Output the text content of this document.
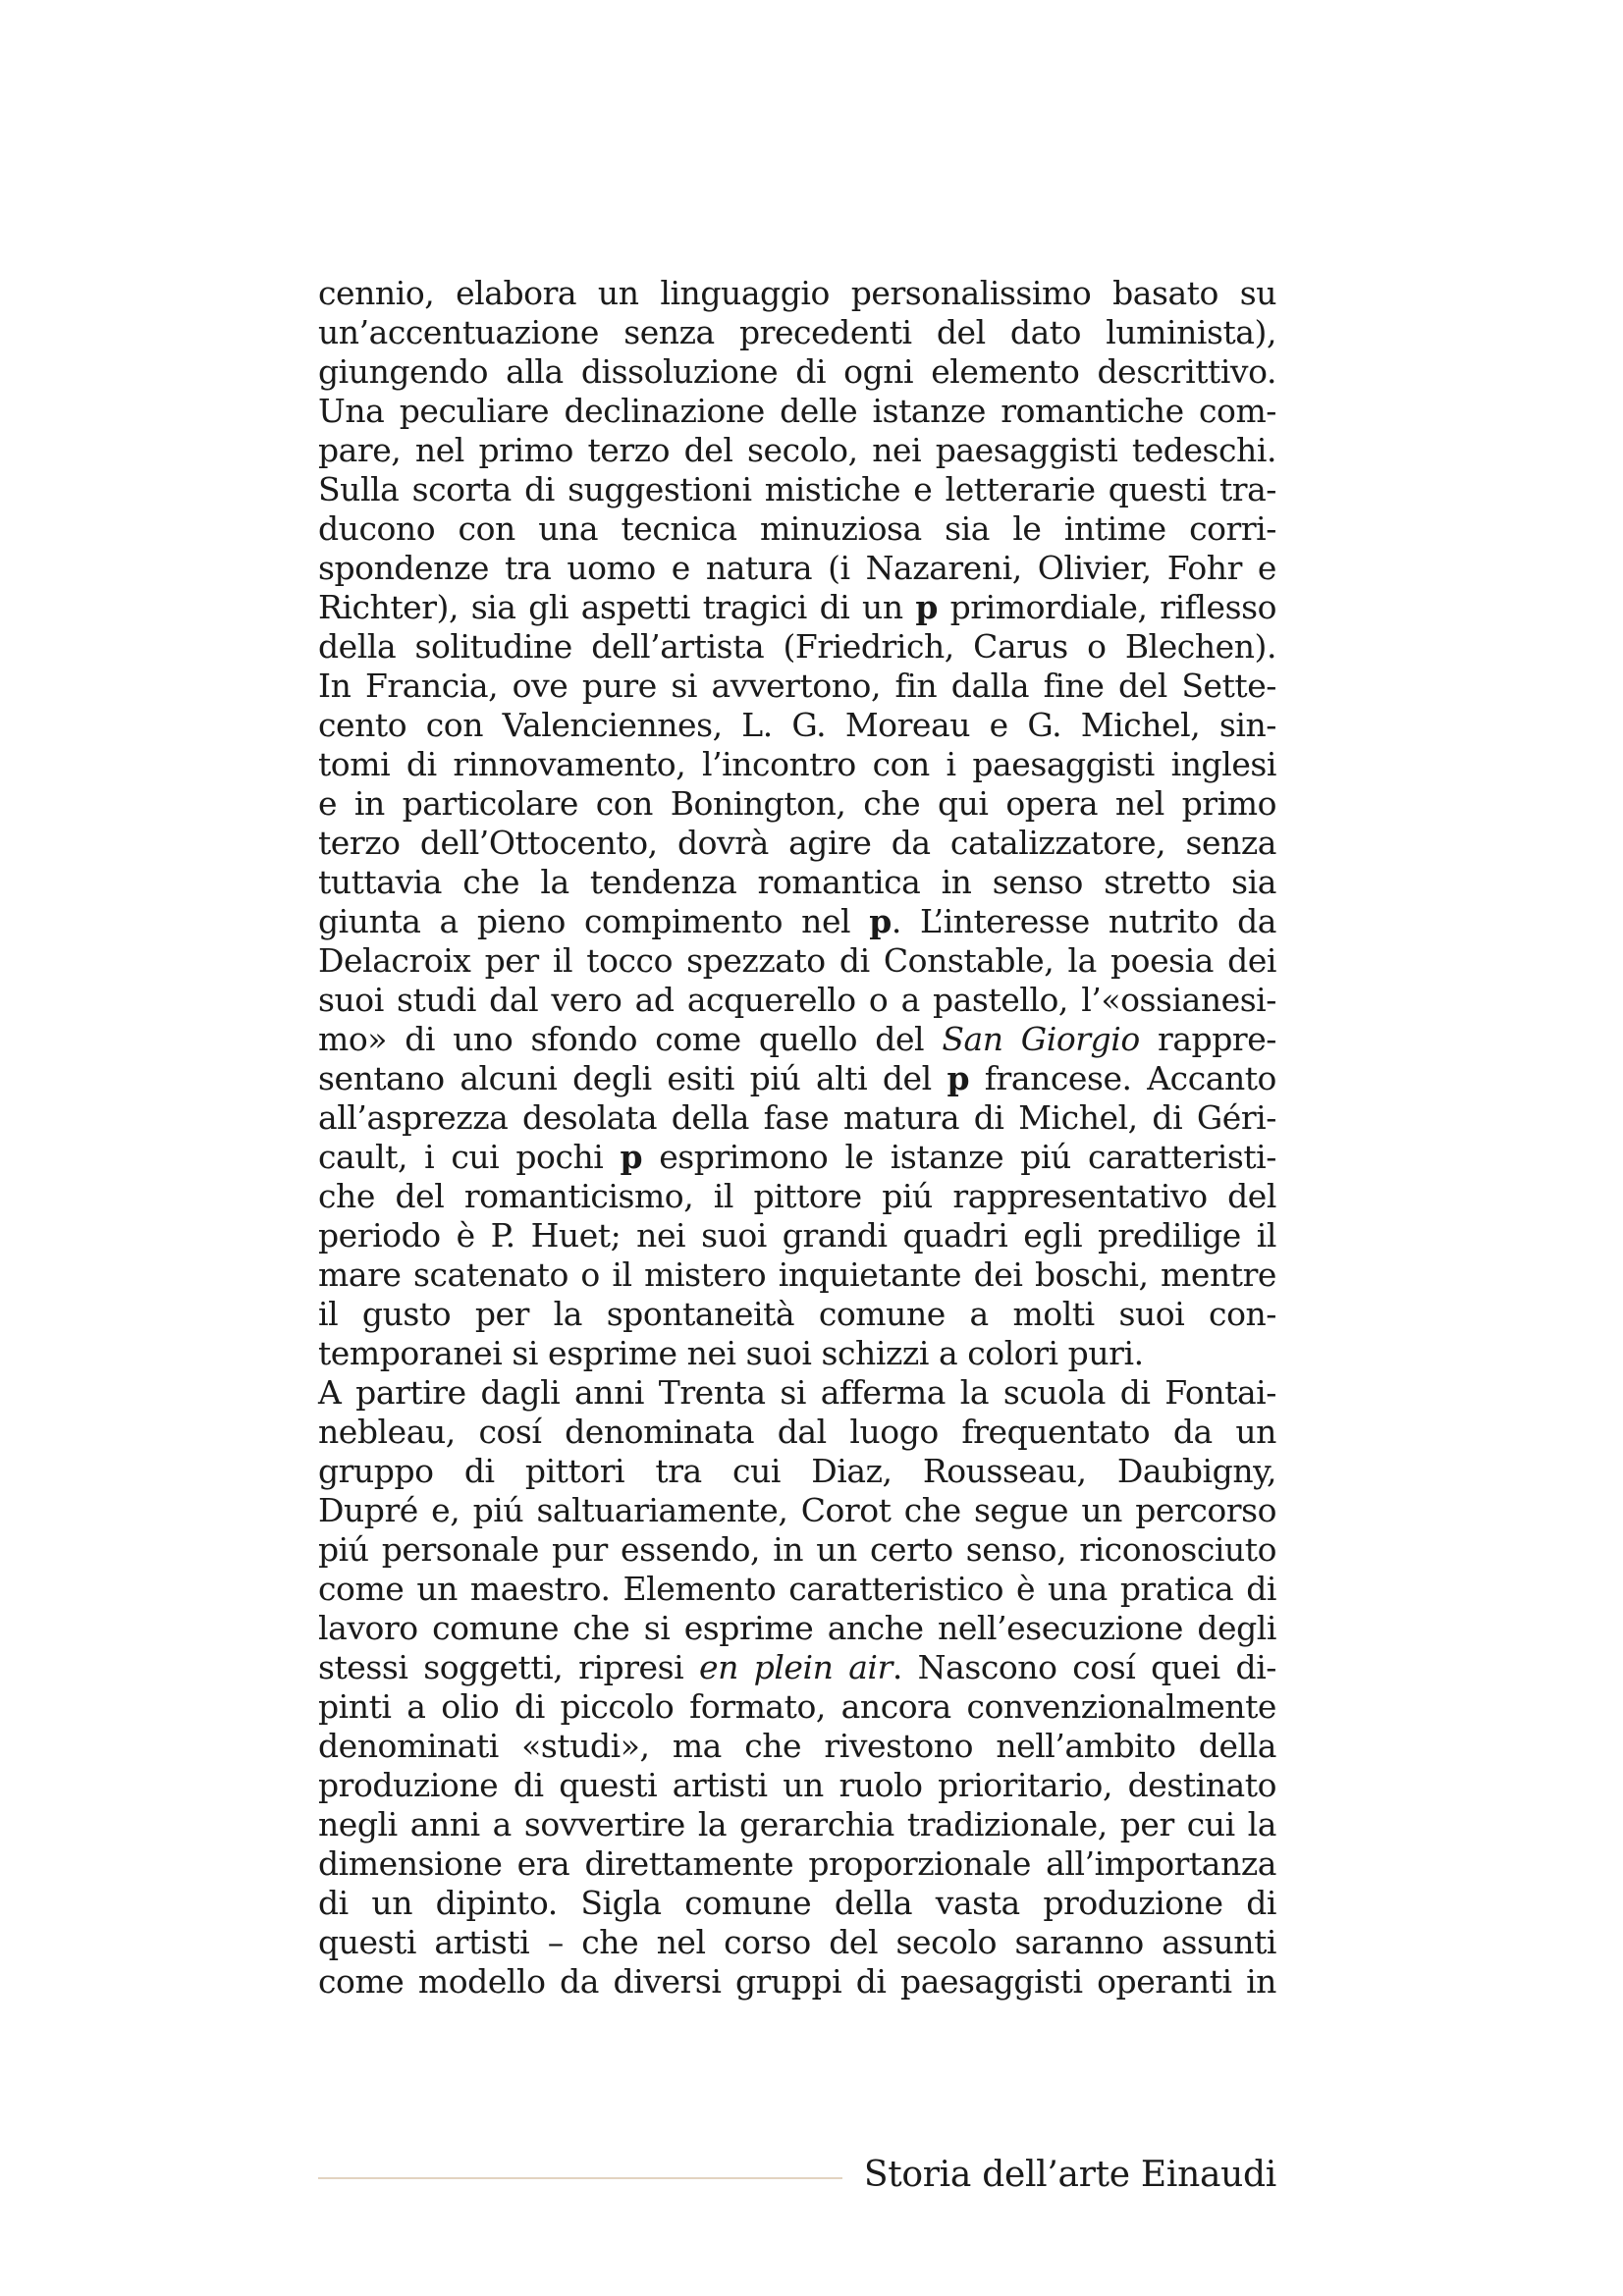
cennio, elabora un linguaggio personalissimo basato su
un’accentuazione senza precedenti del dato luminista),
giungendo alla dissoluzione di ogni elemento descrittivo.
Una peculiare declinazione delle istanze romantiche com-
pare, nel primo terzo del secolo, nei paesaggisti tedeschi.
Sulla scorta di suggestioni mistiche e letterarie questi tra-
ducono con una tecnica minuziosa sia le intime corri-
spondenze tra uomo e natura (i Nazareni, Olivier, Fohr e
Richter), sia gli aspetti tragici di un p primordiale, riflesso
della solitudine dell’artista (Friedrich, Carus o Blechen).
In Francia, ove pure si avvertono, fin dalla fine del Sette-
cento con Valenciennes, L. G. Moreau e G. Michel, sin-
tomi di rinnovamento, l’incontro con i paesaggisti inglesi
e in particolare con Bonington, che qui opera nel primo
terzo dell’Ottocento, dovrà agire da catalizzatore, senza
tuttavia che la tendenza romantica in senso stretto sia
giunta a pieno compimento nel p. L’interesse nutrito da
Delacroix per il tocco spezzato di Constable, la poesia dei
suoi studi dal vero ad acquerello o a pastello, l’«ossianesi-
mo» di uno sfondo come quello del San Giorgio rappre-
sentano alcuni degli esiti piú alti del p francese. Accanto
all’asprezza desolata della fase matura di Michel, di Géri-
cault, i cui pochi p esprimono le istanze piú caratteristi-
che del romanticismo, il pittore piú rappresentativo del
periodo è P. Huet; nei suoi grandi quadri egli predilige il
mare scatenato o il mistero inquietante dei boschi, mentre
il gusto per la spontaneità comune a molti suoi con-
temporanei si esprime nei suoi schizzi a colori puri.
A partire dagli anni Trenta si afferma la scuola di Fontai-
nebleau, cosí denominata dal luogo frequentato da un
gruppo di pittori tra cui Diaz, Rousseau, Daubigny,
Dupré e, piú saltuariamente, Corot che segue un percorso
piú personale pur essendo, in un certo senso, riconosciuto
come un maestro. Elemento caratteristico è una pratica di
lavoro comune che si esprime anche nell’esecuzione degli
stessi soggetti, ripresi en plein air. Nascono cosí quei di-
pinti a olio di piccolo formato, ancora convenzionalmente
denominati «studi», ma che rivestono nell’ambito della
produzione di questi artisti un ruolo prioritario, destinato
negli anni a sovvertire la gerarchia tradizionale, per cui la
dimensione era direttamente proporzionale all’importanza
di un dipinto. Sigla comune della vasta produzione di
questi artisti – che nel corso del secolo saranno assunti
come modello da diversi gruppi di paesaggisti operanti in
Storia dell’arte Einaudi
